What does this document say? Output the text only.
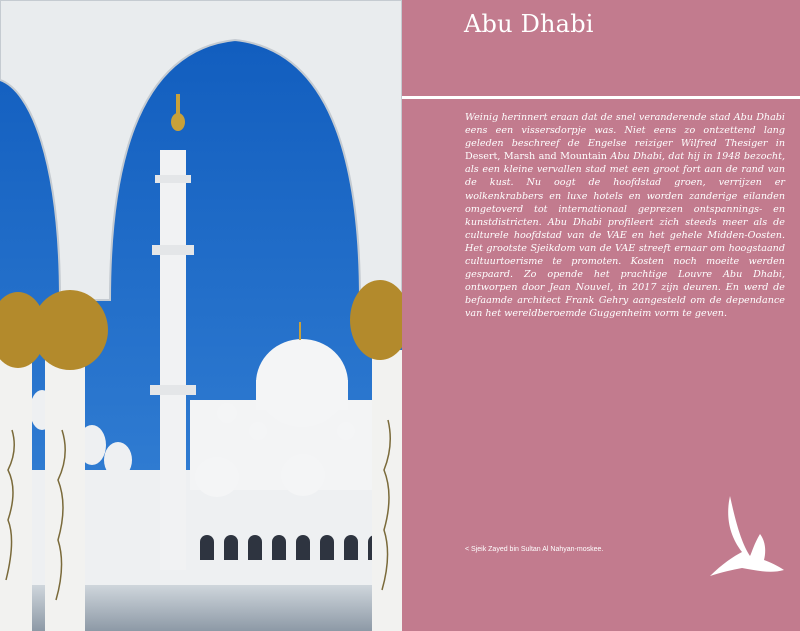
Abu Dhabi

Weinig herinnert eraan dat de snel veranderende stad Abu Dhabi eens een vissersdorpje was. Niet eens zo ontzettend lang geleden beschreef de Engelse reiziger Wilfred Thesiger in Desert, Marsh and Mountain Abu Dhabi, dat hij in 1948 bezocht, als een kleine vervallen stad met een groot fort aan de rand van de kust. Nu oogt de hoofdstad groen, verrijzen er wolkenkrabbers en luxe hotels en worden zanderige eilanden omgetoverd tot internationaal geprezen ontspannings- en kunstdistricten. Abu Dhabi profileert zich steeds meer als de culturele hoofdstad van de VAE en het gehele Midden-Oosten. Het grootste Sjeikdom van de VAE streeft ernaar om hoogstaand cultuurtoerisme te promoten. Kosten noch moeite werden gespaard. Zo opende het prachtige Louvre Abu Dhabi, ontworpen door Jean Nouvel, in 2017 zijn deuren. En werd de befaamde architect Frank Gehry aangesteld om de dependance van het wereldberoemde Guggenheim vorm te geven.

< Sjeik Zayed bin Sultan Al Nahyan-moskee.
